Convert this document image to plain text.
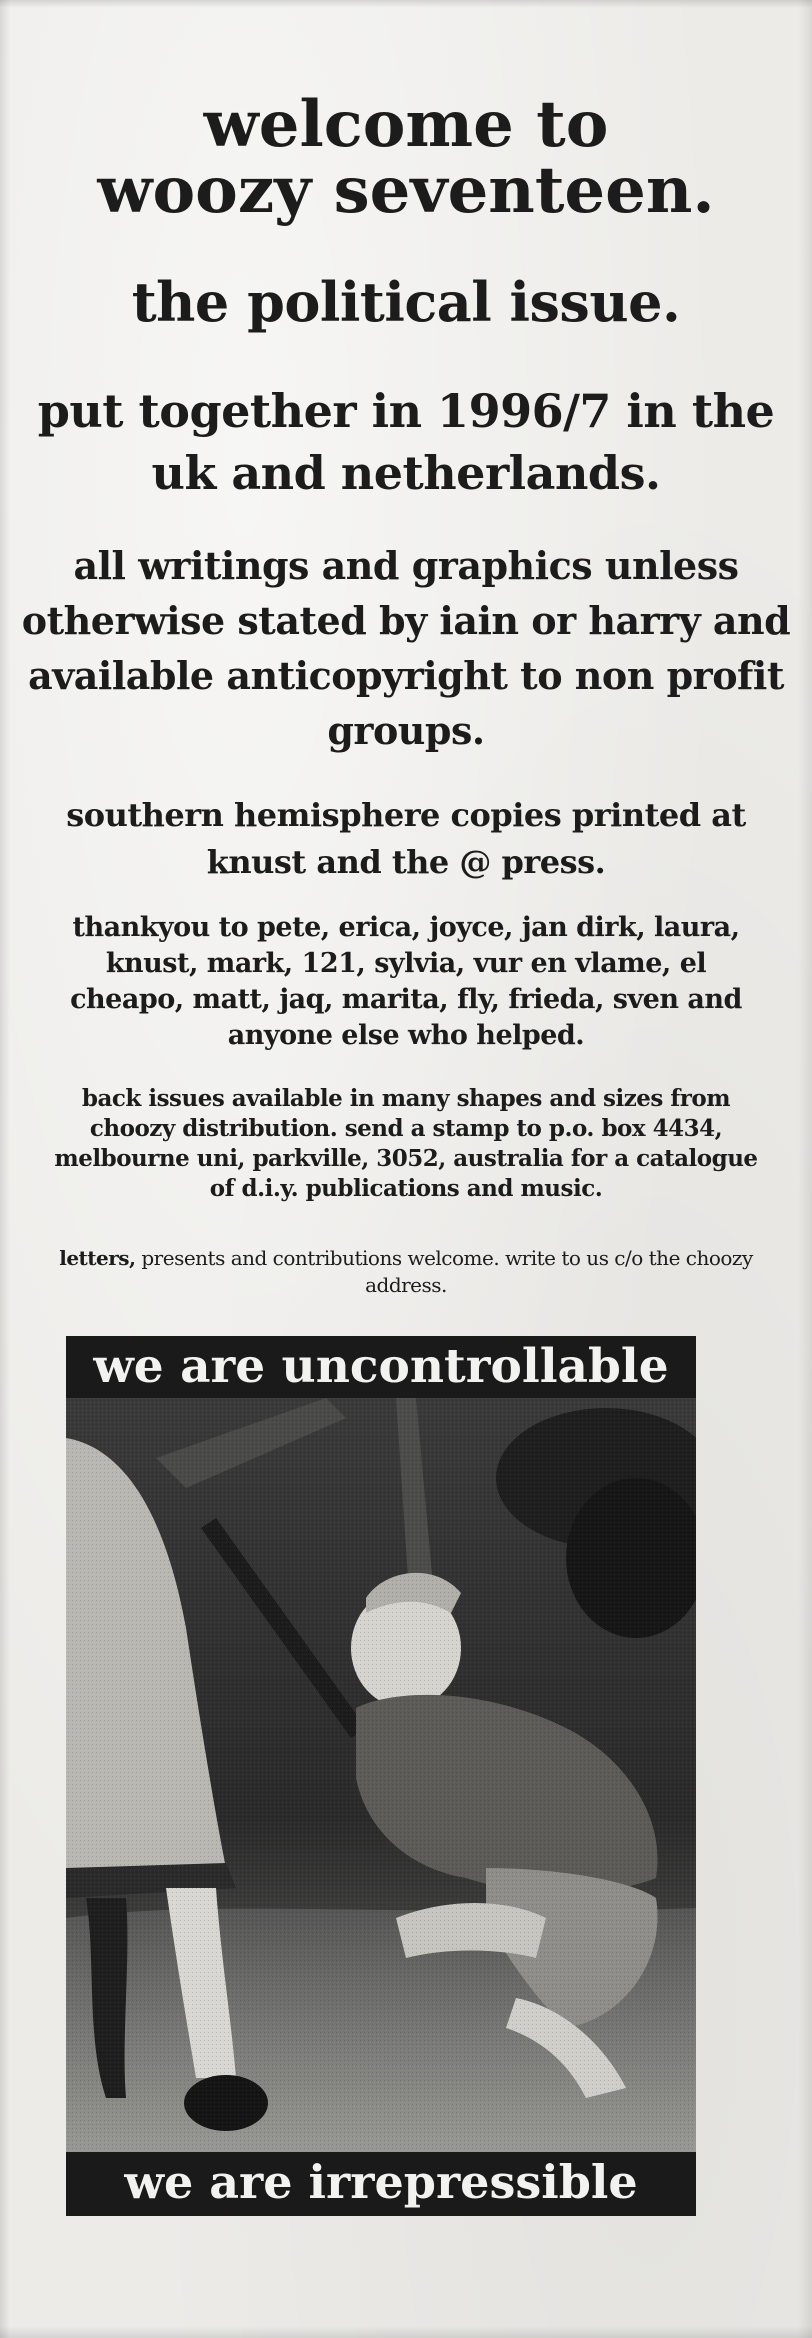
welcome to
woozy seventeen.
the political issue.
put together in 1996/7 in the uk and netherlands.
all writings and graphics unless otherwise stated by iain or harry and available anticopyright to non profit groups.
southern hemisphere copies printed at knust and the @ press.
thankyou to pete, erica, joyce, jan dirk, laura, knust, mark, 121, sylvia, vur en vlame, el cheapo, matt, jaq, marita, fly, frieda, sven and anyone else who helped.
back issues available in many shapes and sizes from choozy distribution. send a stamp to p.o. box 4434, melbourne uni, parkville, 3052, australia for a catalogue of d.i.y. publications and music.
letters, presents and contributions welcome. write to us c/o the choozy address.
we are uncontrollable
we are irrepressible
